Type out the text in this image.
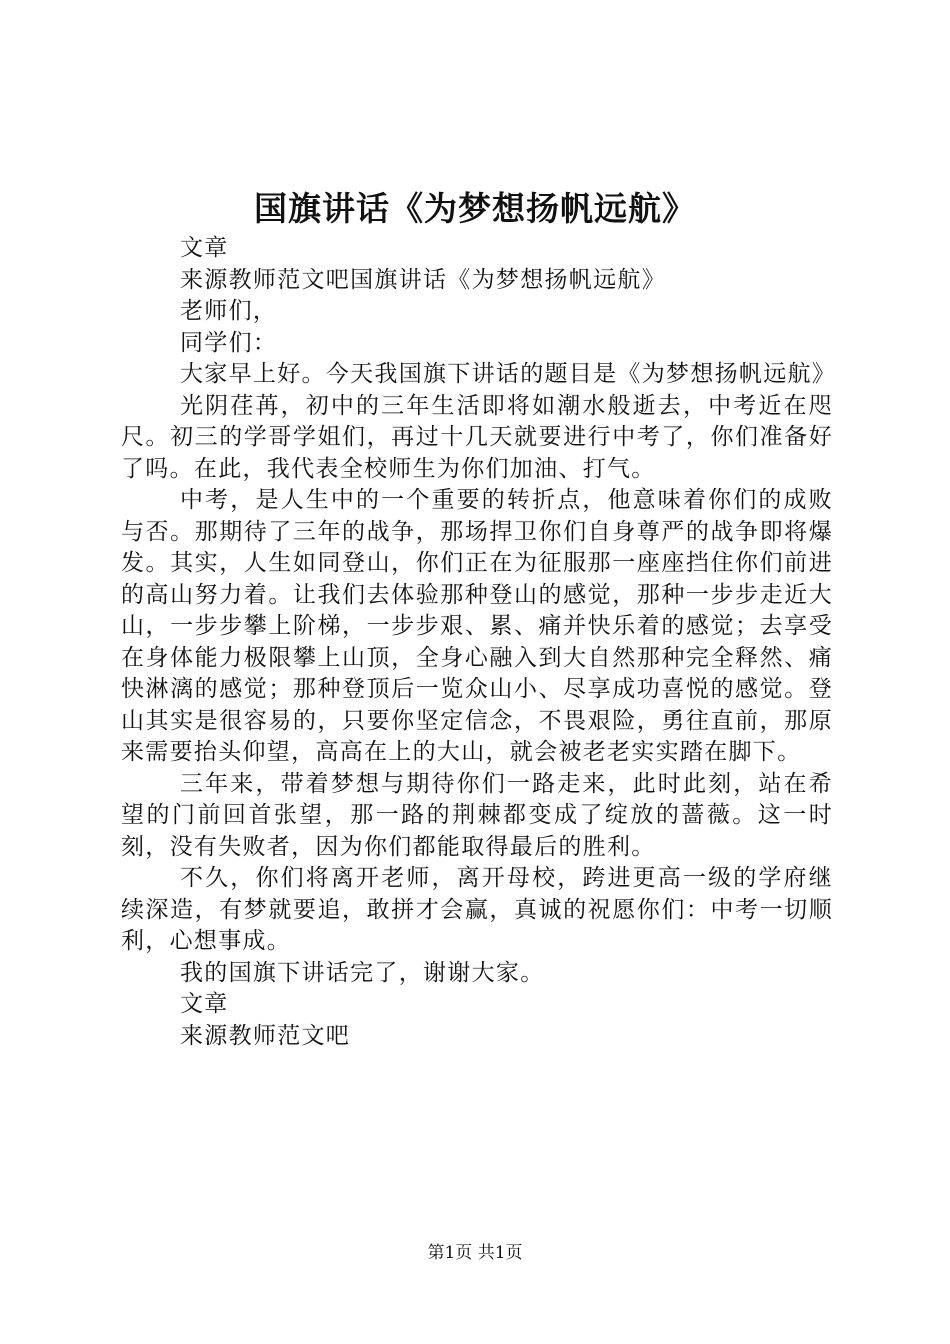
国旗讲话《为梦想扬帆远航》

文章

来源教师范文吧国旗讲话《为梦想扬帆远航》

老师们，

同学们：

大家早上好。今天我国旗下讲话的题目是《为梦想扬帆远航》

光阴荏苒，初中的三年生活即将如潮水般逝去，中考近在咫尺。初三的学哥学姐们，再过十几天就要进行中考了，你们准备好了吗。在此，我代表全校师生为你们加油、打气。

中考，是人生中的一个重要的转折点，他意味着你们的成败与否。那期待了三年的战争，那场捍卫你们自身尊严的战争即将爆发。其实，人生如同登山，你们正在为征服那一座座挡住你们前进的高山努力着。让我们去体验那种登山的感觉，那种一步步走近大山，一步步攀上阶梯，一步步艰、累、痛并快乐着的感觉；去享受在身体能力极限攀上山顶，全身心融入到大自然那种完全释然、痛快淋漓的感觉；那种登顶后一览众山小、尽享成功喜悦的感觉。登山其实是很容易的，只要你坚定信念，不畏艰险，勇往直前，那原来需要抬头仰望，高高在上的大山，就会被老老实实踏在脚下。

三年来，带着梦想与期待你们一路走来，此时此刻，站在希望的门前回首张望，那一路的荆棘都变成了绽放的蔷薇。这一时刻，没有失败者，因为你们都能取得最后的胜利。

不久，你们将离开老师，离开母校，跨进更高一级的学府继续深造，有梦就要追，敢拼才会赢，真诚的祝愿你们：中考一切顺利，心想事成。

我的国旗下讲话完了，谢谢大家。

文章

来源教师范文吧

第1页 共1页
